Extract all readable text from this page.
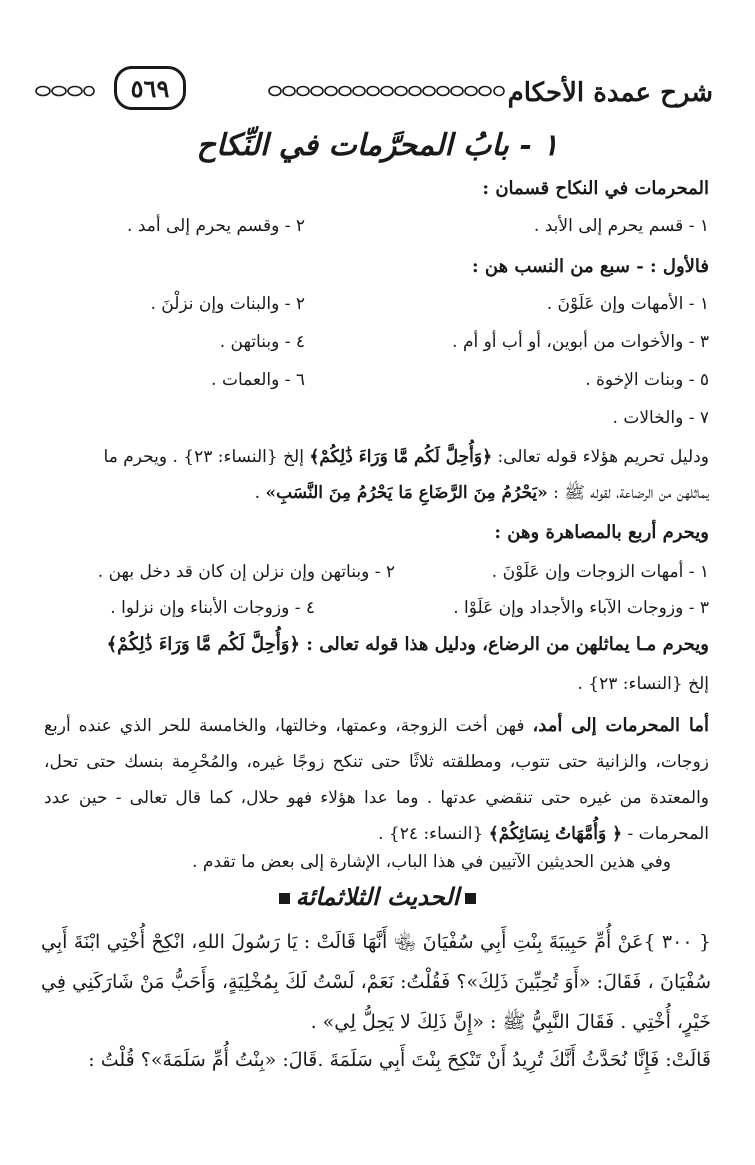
شرح عمدة الأحكام
٥٦٩
١ - بابُ المحرَّمات في النِّكاح
المحرمات في النكاح قسمان :
١ - قسم يحرم إلى الأبد .
٢ - وقسم يحرم إلى أمد .
فالأول : - سبع من النسب هن :
١ - الأمهات وإن عَلَوْنَ .
٢ - والبنات وإن نزلْنَ .
٣ - والأخوات من أبوين، أو أب أو أم .
٤ - وبناتهن .
٥ - وبنات الإخوة .
٦ - والعمات .
٧ - والخالات .
ودليل تحريم هؤلاء قوله تعالى: ﴿وَأُحِلَّ لَكُم مَّا وَرَاءَ ذَٰلِكُمْ﴾ إلخ {النساء: ٢٣} . ويحرم ما
يماثلهن من الرضاعة، لقوله ﷺ : «يَحْرُمُ مِنَ الرَّضَاعِ مَا يَحْرُمُ مِنَ النَّسَبِ» .
ويحرم أربع بالمصاهرة وهن :
١ - أمهات الزوجات وإن عَلَوْنَ .
٢ - وبناتهن وإن نزلن إن كان قد دخل بهن .
٣ - وزوجات الآباء والأجداد وإن عَلَوْا .
٤ - وزوجات الأبناء وإن نزلوا .
ويحرم مـا يماثلهن من الرضاع، ودليل هذا قوله تعالى : ﴿وَأُحِلَّ لَكُم مَّا وَرَاءَ ذَٰلِكُمْ﴾
إلخ {النساء: ٢٣} .
أما المحرمات إلى أمد، فهن أخت الزوجة، وعمتها، وخالتها، والخامسة للحر الذي عنده أربع زوجات، والزانية حتى تتوب، ومطلقته ثلاثًا حتى تنكح زوجًا غيره، والمُحْرِمة بنسك حتى تحل، والمعتدة من غيره حتى تنقضي عدتها . وما عدا هؤلاء فهو حلال، كما قال تعالى - حين عدد المحرمات - ﴿ وَأُمَّهَاتُ نِسَائِكُمْ﴾ {النساء: ٢٤} .
وفي هذين الحديثين الآتيين في هذا الباب، الإشارة إلى بعض ما تقدم .
الحديث الثلاثمائة
{ ٣٠٠ }عَنْ أُمِّ حَبِيبَةَ بِنْتِ أَبِي سُفْيَانَ ﵄ أَنَّهَا قَالَتْ : يَا رَسُولَ اللهِ، انْكِحْ أُخْتِي ابْنَةَ أَبِي سُفْيَانَ ، فَقَالَ: «أَوَ تُحِبِّينَ ذَلِكَ»؟ فَقُلْتُ: نَعَمْ، لَسْتُ لَكَ بِمُخْلِيَةٍ، وَأَحَبُّ مَنْ شَارَكَنِي فِي خَيْرٍ، أُخْتِي . فَقَالَ النَّبِيُّ ﷺ : «إِنَّ ذَلِكَ لا يَحِلُّ لِي» .
قَالَتْ: فَإِنَّا نُحَدَّثُ أَنَّكَ تُرِيدُ أَنْ تَنْكِحَ بِنْتَ أَبِي سَلَمَةَ .قَالَ: «بِنْتُ أُمِّ سَلَمَةَ»؟ قُلْتُ :
